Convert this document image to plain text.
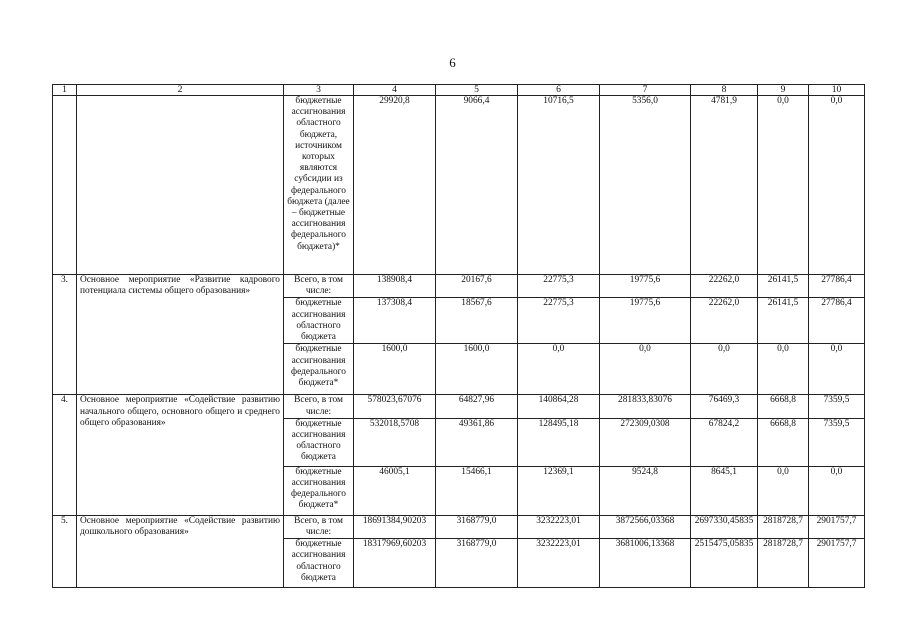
6
1	2	3	4	5	6	7	8	9	10
		бюджетные ассигнования областного бюджета, источником которых являются субсидии из федерального бюджета (далее – бюджетные ассигнования федерального бюджета)*	29920,8	9066,4	10716,5	5356,0	4781,9	0,0	0,0
3.	Основное мероприятие «Развитие кадрового потенциала системы общего образования»	Всего, в том числе:	138908,4	20167,6	22775,3	19775,6	22262,0	26141,5	27786,4
		бюджетные ассигнования областного бюджета	137308,4	18567,6	22775,3	19775,6	22262,0	26141,5	27786,4
		бюджетные ассигнования федерального бюджета*	1600,0	1600,0	0,0	0,0	0,0	0,0	0,0
4.	Основное мероприятие «Содействие развитию начального общего, основного общего и среднего общего образования»	Всего, в том числе:	578023,67076	64827,96	140864,28	281833,83076	76469,3	6668,8	7359,5
		бюджетные ассигнования областного бюджета	532018,5708	49361,86	128495,18	272309,0308	67824,2	6668,8	7359,5
		бюджетные ассигнования федерального бюджета*	46005,1	15466,1	12369,1	9524,8	8645,1	0,0	0,0
5.	Основное мероприятие «Содействие развитию дошкольного образования»	Всего, в том числе:	18691384,90203	3168779,0	3232223,01	3872566,03368	2697330,45835	2818728,7	2901757,7
		бюджетные ассигнования областного бюджета	18317969,60203	3168779,0	3232223,01	3681006,13368	2515475,05835	2818728,7	2901757,7
